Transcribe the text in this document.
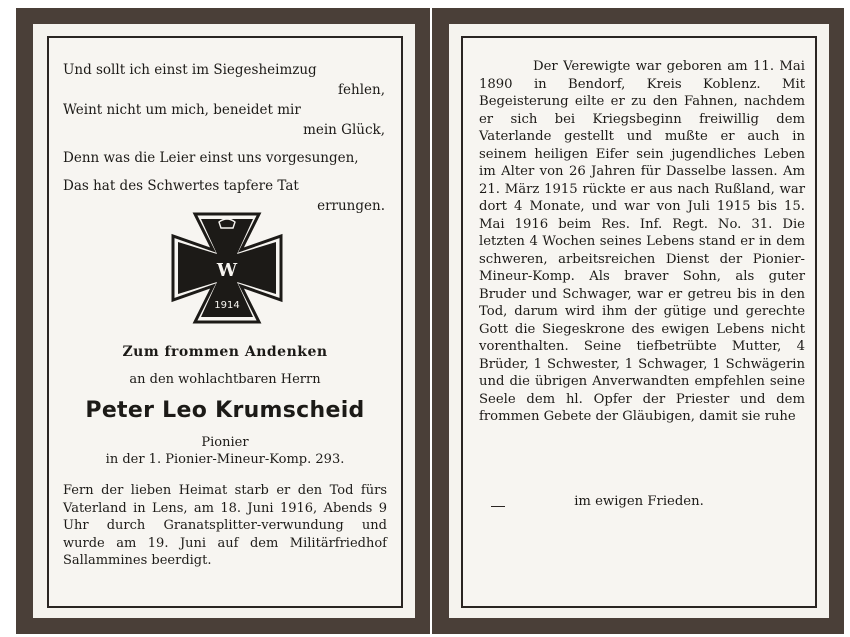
Und sollt ich einst im Siegesheimzug
fehlen,
Weint nicht um mich, beneidet mir
mein Glück,

Denn was die Leier einst uns vorgesungen,

Das hat des Schwertes tapfere Tat
errungen.

W
1914
Zum frommen Andenken
an den wohlachtbaren Herrn
Peter Leo Krumscheid
Pionier
in der 1. Pionier-Mineur-Komp. 293.
Fern der lieben Heimat starb er den Tod fürs Vaterland in Lens, am 18. Juni 1916, Abends 9 Uhr durch Granatsplitter-verwundung und wurde am 19. Juni auf dem Militärfriedhof Sallammines beerdigt.
Der Verewigte war geboren am 11. Mai 1890 in Bendorf, Kreis Koblenz. Mit Begeisterung eilte er zu den Fahnen, nachdem er sich bei Kriegsbeginn freiwillig dem Vaterlande gestellt und mußte er auch in seinem heiligen Eifer sein jugendliches Leben im Alter von 26 Jahren für Dasselbe lassen. Am 21. März 1915 rückte er aus nach Rußland, war dort 4 Monate, und war von Juli 1915 bis 15. Mai 1916 beim Res. Inf. Regt. No. 31. Die letzten 4 Wochen seines Lebens stand er in dem schweren, arbeitsreichen Dienst der Pionier-Mineur-Komp. Als braver Sohn, als guter Bruder und Schwager, war er getreu bis in den Tod, darum wird ihm der gütige und gerechte Gott die Siegeskrone des ewigen Lebens nicht vorenthalten. Seine tiefbetrübte Mutter, 4 Brüder, 1 Schwester, 1 Schwager, 1 Schwägerin und die übrigen Anverwandten empfehlen seine Seele dem hl. Opfer der Priester und dem frommen Gebete der Gläubigen, damit sie ruhe
im ewigen Frieden.
